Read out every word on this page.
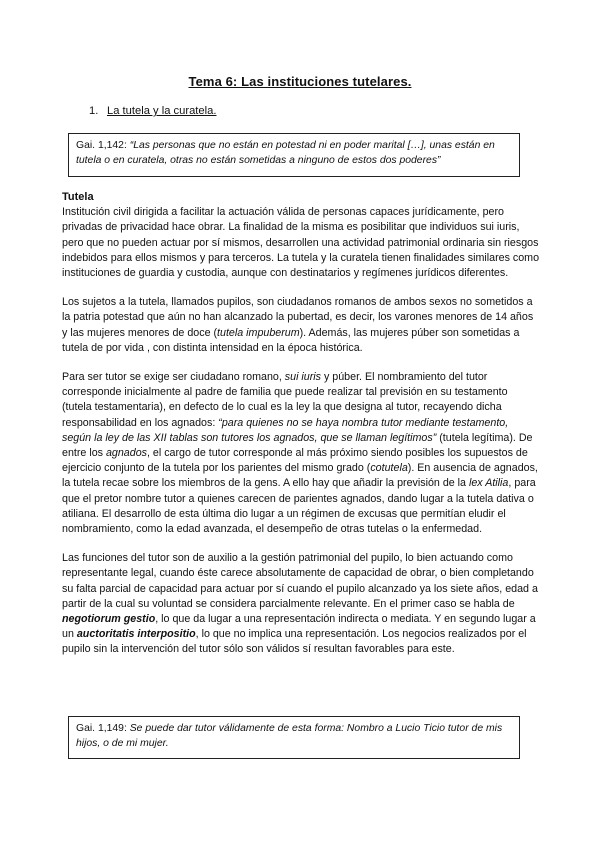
Tema 6: Las instituciones tutelares.
1. La tutela y la curatela.
Gai. 1,142: “Las personas que no están en potestad ni en poder marital […], unas están en tutela o en curatela, otras no están sometidas a ninguno de estos dos poderes”
Tutela

Institución civil dirigida a facilitar la actuación válida de personas capaces jurídicamente, pero privadas de privacidad hace obrar. La finalidad de la misma es posibilitar que individuos sui iuris, pero que no pueden actuar por sí mismos, desarrollen una actividad patrimonial ordinaria sin riesgos indebidos para ellos mismos y para terceros. La tutela y la curatela tienen finalidades similares como instituciones de guardia y custodia, aunque con destinatarios y regímenes jurídicos diferentes.

Los sujetos a la tutela, llamados pupilos, son ciudadanos romanos de ambos sexos no sometidos a la patria potestad que aún no han alcanzado la pubertad, es decir, los varones menores de 14 años y las mujeres menores de doce (tutela impuberum). Además, las mujeres púber son sometidas a tutela de por vida , con distinta intensidad en la época histórica.

Para ser tutor se exige ser ciudadano romano, sui iuris y púber. El nombramiento del tutor corresponde inicialmente al padre de familia que puede realizar tal previsión en su testamento (tutela testamentaria), en defecto de lo cual es la ley la que designa al tutor, recayendo dicha responsabilidad en los agnados: “para quienes no se haya nombra tutor mediante testamento, según la ley de las XII tablas son tutores los agnados, que se llaman legítimos” (tutela legítima). De entre los agnados, el cargo de tutor corresponde al más próximo siendo posibles los supuestos de ejercicio conjunto de la tutela por los parientes del mismo grado (cotutela). En ausencia de agnados, la tutela recae sobre los miembros de la gens. A ello hay que añadir la previsión de la lex Atilia, para que el pretor nombre tutor a quienes carecen de parientes agnados, dando lugar a la tutela dativa o atiliana. El desarrollo de esta última dio lugar a un régimen de excusas que permitían eludir el nombramiento, como la edad avanzada, el desempeño de otras tutelas o la enfermedad.

Las funciones del tutor son de auxilio a la gestión patrimonial del pupilo, lo bien actuando como representante legal, cuando éste carece absolutamente de capacidad de obrar, o bien completando su falta parcial de capacidad para actuar por sí cuando el pupilo alcanzado ya los siete años, edad a partir de la cual su voluntad se considera parcialmente relevante. En el primer caso se habla de negotiorum gestio, lo que da lugar a una representación indirecta o mediata. Y en segundo lugar a un auctoritatis interpositio, lo que no implica una representación. Los negocios realizados por el pupilo sin la intervención del tutor sólo son válidos sí resultan favorables para este.

Gai. 1,149: Se puede dar tutor válidamente de esta forma: Nombro a Lucio Ticio tutor de mis hijos, o de mi mujer.
